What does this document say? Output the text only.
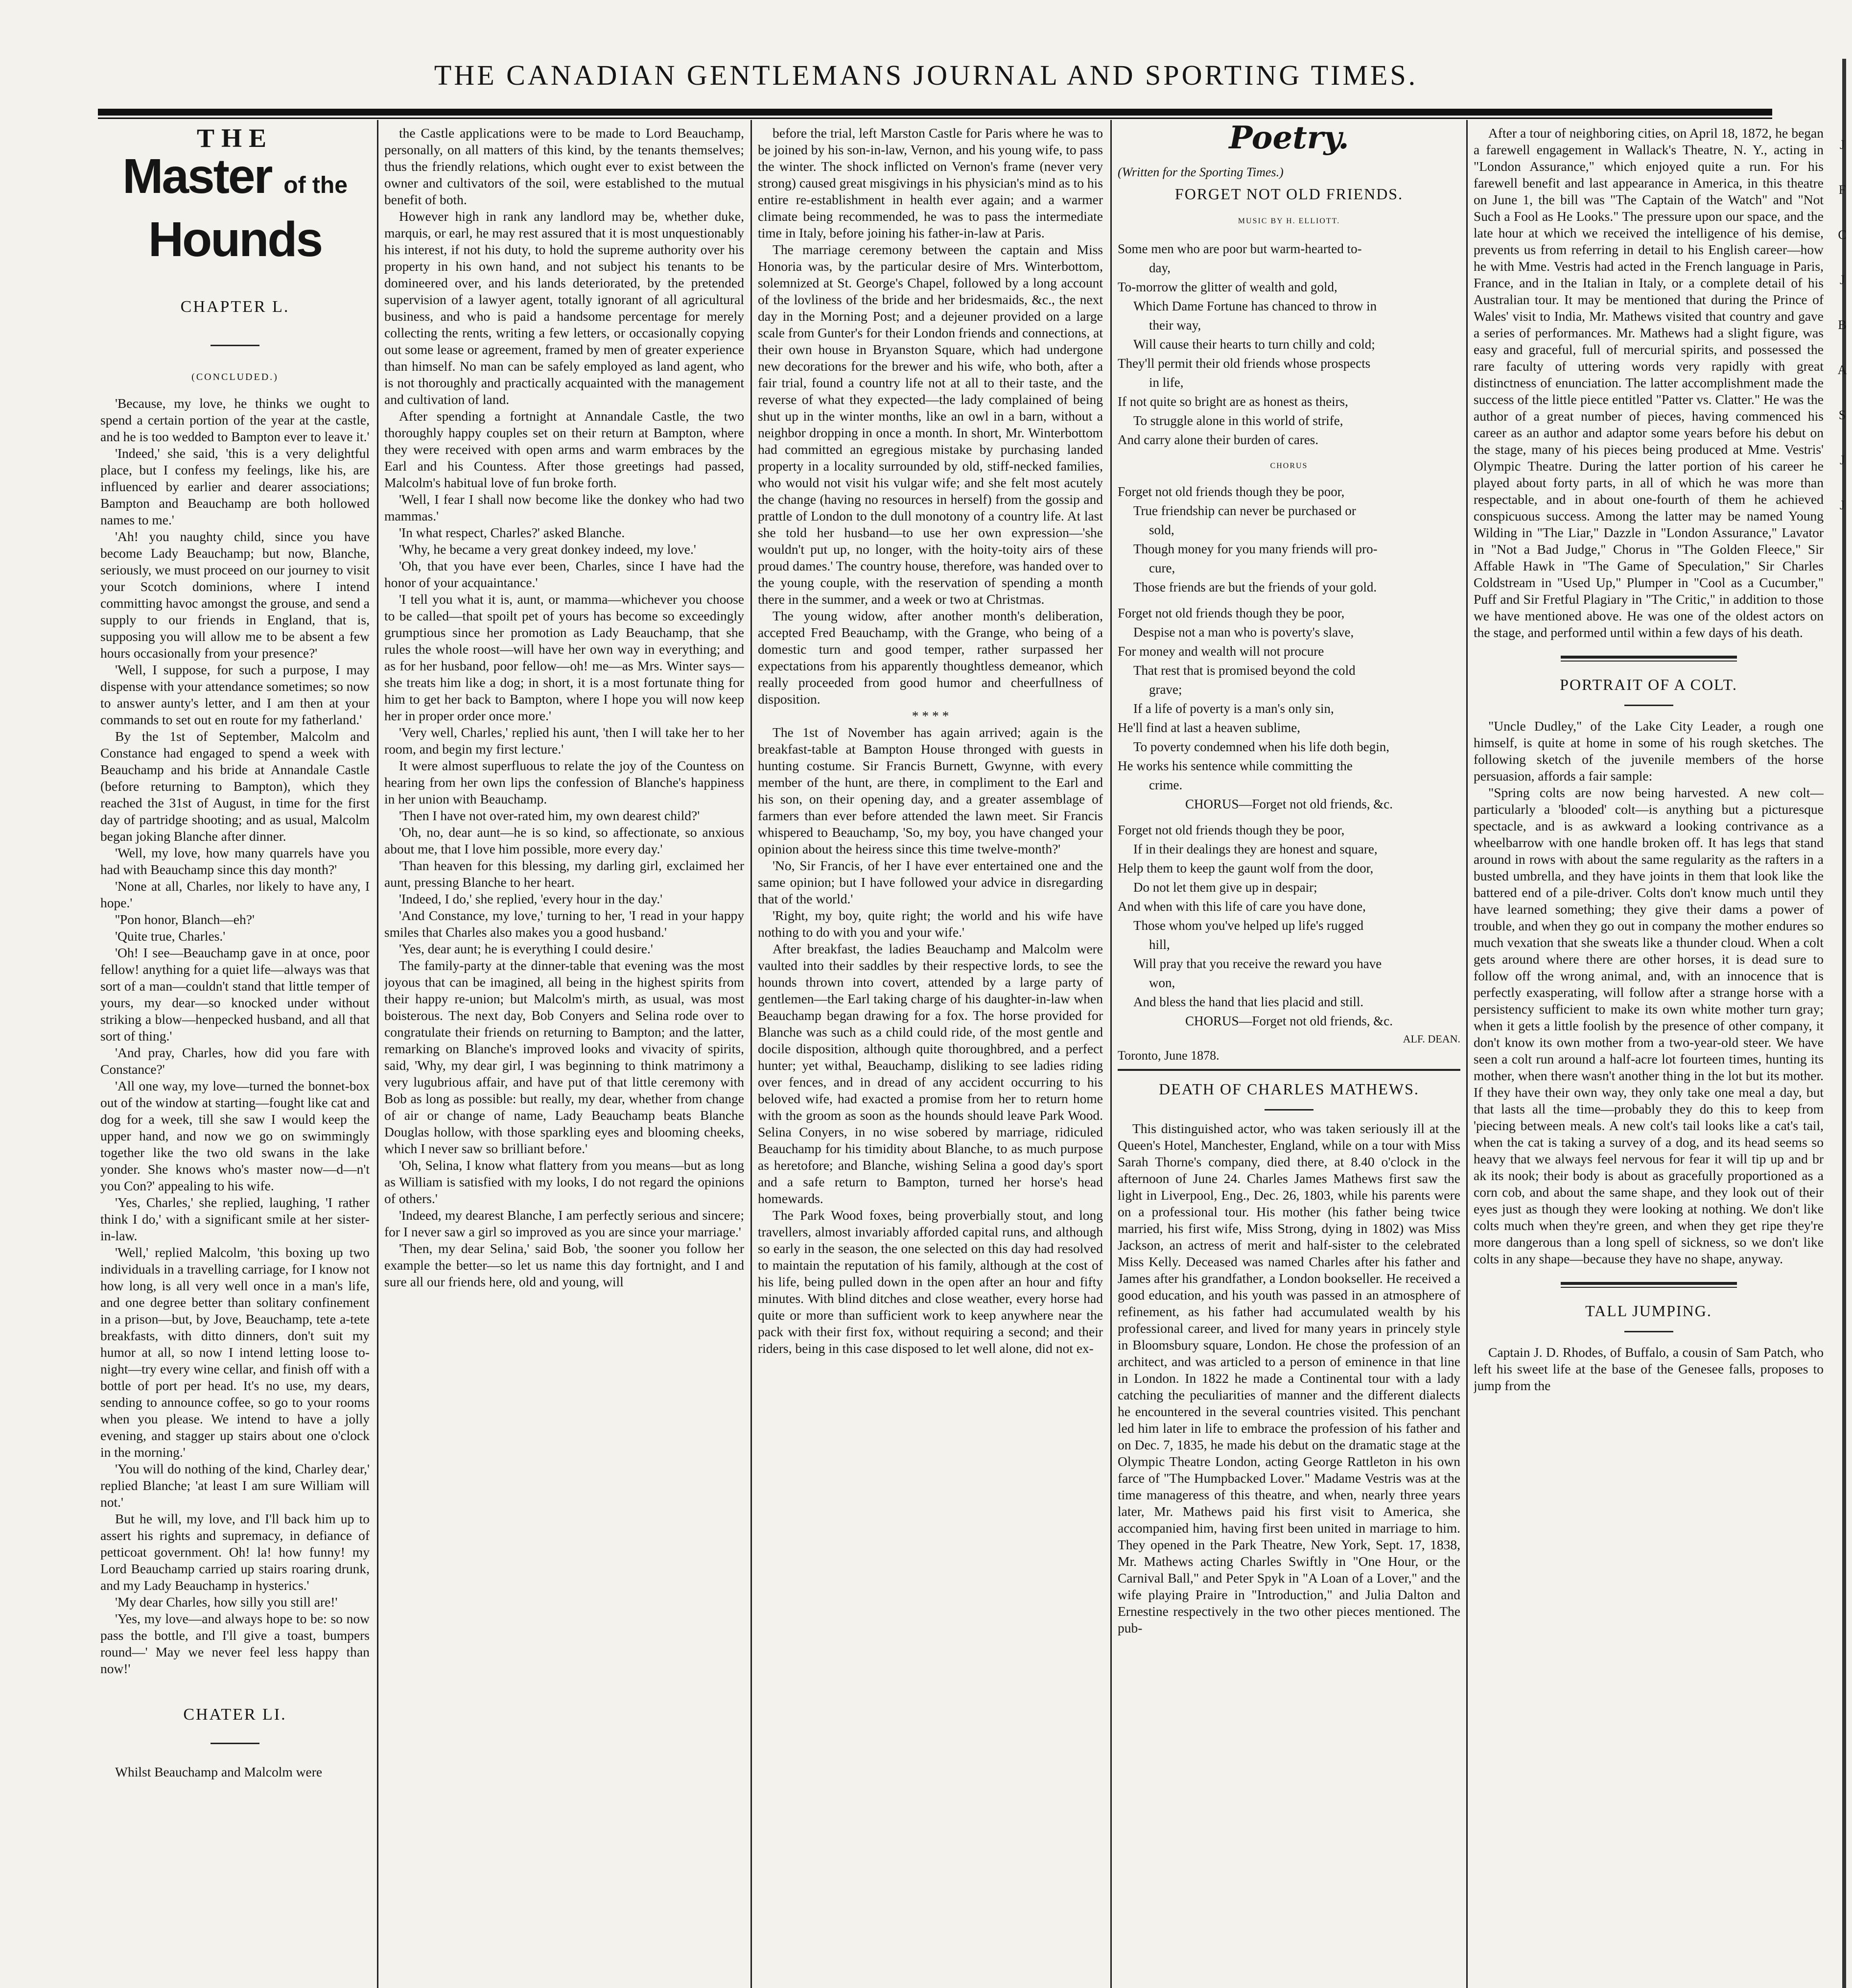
THE CANADIAN GENTLEMANS JOURNAL AND SPORTING TIMES.
THE
Master of the Hounds
CHAPTER L.
(CONCLUDED.)

'Because, my love, he thinks we ought to spend a certain portion of the year at the castle, and he is too wedded to Bampton ever to leave it.'

'Indeed,' she said, 'this is a very delightful place, but I confess my feelings, like his, are influenced by earlier and dearer associations; Bampton and Beauchamp are both hollowed names to me.'

'Ah! you naughty child, since you have become Lady Beauchamp; but now, Blanche, seriously, we must proceed on our journey to visit your Scotch dominions, where I intend committing havoc amongst the grouse, and send a supply to our friends in England, that is, supposing you will allow me to be absent a few hours occasionally from your presence?'

'Well, I suppose, for such a purpose, I may dispense with your attendance sometimes; so now to answer aunty's letter, and I am then at your commands to set out en route for my fatherland.'

By the 1st of September, Malcolm and Constance had engaged to spend a week with Beauchamp and his bride at Annandale Castle (before returning to Bampton), which they reached the 31st of August, in time for the first day of partridge shooting; and as usual, Malcolm began joking Blanche after dinner.

'Well, my love, how many quarrels have you had with Beauchamp since this day month?'

'None at all, Charles, nor likely to have any, I hope.'

''Pon honor, Blanch—eh?'

'Quite true, Charles.'

'Oh! I see—Beauchamp gave in at once, poor fellow! anything for a quiet life—always was that sort of a man—couldn't stand that little temper of yours, my dear—so knocked under without striking a blow—henpecked husband, and all that sort of thing.'

'And pray, Charles, how did you fare with Constance?'

'All one way, my love—turned the bonnet-box out of the window at starting—fought like cat and dog for a week, till she saw I would keep the upper hand, and now we go on swimmingly together like the two old swans in the lake yonder. She knows who's master now—d—n't you Con?' appealing to his wife.

'Yes, Charles,' she replied, laughing, 'I rather think I do,' with a significant smile at her sister-in-law.

'Well,' replied Malcolm, 'this boxing up two individuals in a travelling carriage, for I know not how long, is all very well once in a man's life, and one degree better than solitary confinement in a prison—but, by Jove, Beauchamp, tete a-tete breakfasts, with ditto dinners, don't suit my humor at all, so now I intend letting loose to-night—try every wine cellar, and finish off with a bottle of port per head. It's no use, my dears, sending to announce coffee, so go to your rooms when you please. We intend to have a jolly evening, and stagger up stairs about one o'clock in the morning.'

'You will do nothing of the kind, Charley dear,' replied Blanche; 'at least I am sure William will not.'

But he will, my love, and I'll back him up to assert his rights and supremacy, in defiance of petticoat government. Oh! la! how funny! my Lord Beauchamp carried up stairs roaring drunk, and my Lady Beauchamp in hysterics.'

'My dear Charles, how silly you still are!'

'Yes, my love—and always hope to be: so now pass the bottle, and I'll give a toast, bumpers round—' May we never feel less happy than now!'

CHATER LI.

Whilst Beauchamp and Malcolm were

the Castle applications were to be made to Lord Beauchamp, personally, on all matters of this kind, by the tenants themselves; thus the friendly relations, which ought ever to exist between the owner and cultivators of the soil, were established to the mutual benefit of both.

However high in rank any landlord may be, whether duke, marquis, or earl, he may rest assured that it is most unquestionably his interest, if not his duty, to hold the supreme authority over his property in his own hand, and not subject his tenants to be domineered over, and his lands deteriorated, by the pretended supervision of a lawyer agent, totally ignorant of all agricultural business, and who is paid a handsome percentage for merely collecting the rents, writing a few letters, or occasionally copying out some lease or agreement, framed by men of greater experience than himself. No man can be safely employed as land agent, who is not thoroughly and practically acquainted with the management and cultivation of land.

After spending a fortnight at Annandale Castle, the two thoroughly happy couples set on their return at Bampton, where they were received with open arms and warm embraces by the Earl and his Countess. After those greetings had passed, Malcolm's habitual love of fun broke forth.

'Well, I fear I shall now become like the donkey who had two mammas.'

'In what respect, Charles?' asked Blanche.

'Why, he became a very great donkey indeed, my love.'

'Oh, that you have ever been, Charles, since I have had the honor of your acquaintance.'

'I tell you what it is, aunt, or mamma—whichever you choose to be called—that spoilt pet of yours has become so exceedingly grumptious since her promotion as Lady Beauchamp, that she rules the whole roost—will have her own way in everything; and as for her husband, poor fellow—oh! me—as Mrs. Winter says—she treats him like a dog; in short, it is a most fortunate thing for him to get her back to Bampton, where I hope you will now keep her in proper order once more.'

'Very well, Charles,' replied his aunt, 'then I will take her to her room, and begin my first lecture.'

It were almost superfluous to relate the joy of the Countess on hearing from her own lips the confession of Blanche's happiness in her union with Beauchamp.

'Then I have not over-rated him, my own dearest child?'

'Oh, no, dear aunt—he is so kind, so affectionate, so anxious about me, that I love him possible, more every day.'

'Than heaven for this blessing, my darling girl, exclaimed her aunt, pressing Blanche to her heart.

'Indeed, I do,' she replied, 'every hour in the day.'

'And Constance, my love,' turning to her, 'I read in your happy smiles that Charles also makes you a good husband.'

'Yes, dear aunt; he is everything I could desire.'

The family-party at the dinner-table that evening was the most joyous that can be imagined, all being in the highest spirits from their happy re-union; but Malcolm's mirth, as usual, was most boisterous. The next day, Bob Conyers and Selina rode over to congratulate their friends on returning to Bampton; and the latter, remarking on Blanche's improved looks and vivacity of spirits, said, 'Why, my dear girl, I was beginning to think matrimony a very lugubrious affair, and have put of that little ceremony with Bob as long as possible: but really, my dear, whether from change of air or change of name, Lady Beauchamp beats Blanche Douglas hollow, with those sparkling eyes and blooming cheeks, which I never saw so brilliant before.'

'Oh, Selina, I know what flattery from you means—but as long as William is satisfied with my looks, I do not regard the opinions of others.'

'Indeed, my dearest Blanche, I am perfectly serious and sincere; for I never saw a girl so improved as you are since your marriage.'

'Then, my dear Selina,' said Bob, 'the sooner you follow her example the better—so let us name this day fortnight, and I and sure all our friends here, old and young, will

before the trial, left Marston Castle for Paris where he was to be joined by his son-in-law, Vernon, and his young wife, to pass the winter. The shock inflicted on Vernon's frame (never very strong) caused great misgivings in his physician's mind as to his entire re-establishment in health ever again; and a warmer climate being recommended, he was to pass the intermediate time in Italy, before joining his father-in-law at Paris.

The marriage ceremony between the captain and Miss Honoria was, by the particular desire of Mrs. Winterbottom, solemnized at St. George's Chapel, followed by a long account of the lovliness of the bride and her bridesmaids, &c., the next day in the Morning Post; and a dejeuner provided on a large scale from Gunter's for their London friends and connections, at their own house in Bryanston Square, which had undergone new decorations for the brewer and his wife, who both, after a fair trial, found a country life not at all to their taste, and the reverse of what they expected—the lady complained of being shut up in the winter months, like an owl in a barn, without a neighbor dropping in once a month. In short, Mr. Winterbottom had committed an egregious mistake by purchasing landed property in a locality surrounded by old, stiff-necked families, who would not visit his vulgar wife; and she felt most acutely the change (having no resources in herself) from the gossip and prattle of London to the dull monotony of a country life. At last she told her husband—to use her own expression—'she wouldn't put up, no longer, with the hoity-toity airs of these proud dames.' The country house, therefore, was handed over to the young couple, with the reservation of spending a month there in the summer, and a week or two at Christmas.

The young widow, after another month's deliberation, accepted Fred Beauchamp, with the Grange, who being of a domestic turn and good temper, rather surpassed her expectations from his apparently thoughtless demeanor, which really proceeded from good humor and cheerfullness of disposition.

* * * *

The 1st of November has again arrived; again is the breakfast-table at Bampton House thronged with guests in hunting costume. Sir Francis Burnett, Gwynne, with every member of the hunt, are there, in compliment to the Earl and his son, on their opening day, and a greater assemblage of farmers than ever before attended the lawn meet. Sir Francis whispered to Beauchamp, 'So, my boy, you have changed your opinion about the heiress since this time twelve-month?'

'No, Sir Francis, of her I have ever entertained one and the same opinion; but I have followed your advice in disregarding that of the world.'

'Right, my boy, quite right; the world and his wife have nothing to do with you and your wife.'

After breakfast, the ladies Beauchamp and Malcolm were vaulted into their saddles by their respective lords, to see the hounds thrown into covert, attended by a large party of gentlemen—the Earl taking charge of his daughter-in-law when Beauchamp began drawing for a fox. The horse provided for Blanche was such as a child could ride, of the most gentle and docile disposition, although quite thoroughbred, and a perfect hunter; yet withal, Beauchamp, disliking to see ladies riding over fences, and in dread of any accident occurring to his beloved wife, had exacted a promise from her to return home with the groom as soon as the hounds should leave Park Wood. Selina Conyers, in no wise sobered by marriage, ridiculed Beauchamp for his timidity about Blanche, to as much purpose as heretofore; and Blanche, wishing Selina a good day's sport and a safe return to Bampton, turned her horse's head homewards.

The Park Wood foxes, being proverbially stout, and long travellers, almost invariably afforded capital runs, and although so early in the season, the one selected on this day had resolved to maintain the reputation of his family, although at the cost of his life, being pulled down in the open after an hour and fifty minutes. With blind ditches and close weather, every horse had quite or more than sufficient work to keep anywhere near the pack with their first fox, without requiring a second; and their riders, being in this case disposed to let well alone, did not ex-

Poetry.
(Written for the Sporting Times.)
FORGET NOT OLD FRIENDS.
MUSIC BY H. ELLIOTT.
Some men who are poor but warm-hearted to-
day,
To-morrow the glitter of wealth and gold,
Which Dame Fortune has chanced to throw in
their way,
Will cause their hearts to turn chilly and cold;
They'll permit their old friends whose prospects
in life,
If not quite so bright are as honest as theirs,
To struggle alone in this world of strife,
And carry alone their burden of cares.
CHORUS
Forget not old friends though they be poor,
True friendship can never be purchased or
sold,
Though money for you many friends will pro-
cure,
Those friends are but the friends of your gold.
Forget not old friends though they be poor,
Despise not a man who is poverty's slave,
For money and wealth will not procure
That rest that is promised beyond the cold
grave;
If a life of poverty is a man's only sin,
He'll find at last a heaven sublime,
To poverty condemned when his life doth begin,
He works his sentence while committing the
crime.
CHORUS—Forget not old friends, &c.
Forget not old friends though they be poor,
If in their dealings they are honest and square,
Help them to keep the gaunt wolf from the door,
Do not let them give up in despair;
And when with this life of care you have done,
Those whom you've helped up life's rugged
hill,
Will pray that you receive the reward you have
won,
And bless the hand that lies placid and still.
CHORUS—Forget not old friends, &c.
ALF. DEAN.
Toronto, June 1878.
DEATH OF CHARLES MATHEWS.

This distinguished actor, who was taken seriously ill at the Queen's Hotel, Manchester, England, while on a tour with Miss Sarah Thorne's company, died there, at 8.40 o'clock in the afternoon of June 24. Charles James Mathews first saw the light in Liverpool, Eng., Dec. 26, 1803, while his parents were on a professional tour. His mother (his father being twice married, his first wife, Miss Strong, dying in 1802) was Miss Jackson, an actress of merit and half-sister to the celebrated Miss Kelly. Deceased was named Charles after his father and James after his grandfather, a London bookseller. He received a good education, and his youth was passed in an atmosphere of refinement, as his father had accumulated wealth by his professional career, and lived for many years in princely style in Bloomsbury square, London. He chose the profession of an architect, and was articled to a person of eminence in that line in London. In 1822 he made a Continental tour with a lady catching the peculiarities of manner and the different dialects he encountered in the several countries visited. This penchant led him later in life to embrace the profession of his father and on Dec. 7, 1835, he made his debut on the dramatic stage at the Olympic Theatre London, acting George Rattleton in his own farce of "The Humpbacked Lover." Madame Vestris was at the time manageress of this theatre, and when, nearly three years later, Mr. Mathews paid his first visit to America, she accompanied him, having first been united in marriage to him. They opened in the Park Theatre, New York, Sept. 17, 1838, Mr. Mathews acting Charles Swiftly in "One Hour, or the Carnival Ball," and Peter Spyk in "A Loan of a Lover," and the wife playing Praire in "Introduction," and Julia Dalton and Ernestine respectively in the two other pieces mentioned. The pub-

After a tour of neighboring cities, on April 18, 1872, he began a farewell engagement in Wallack's Theatre, N. Y., acting in "London Assurance," which enjoyed quite a run. For his farewell benefit and last appearance in America, in this theatre on June 1, the bill was "The Captain of the Watch" and "Not Such a Fool as He Looks." The pressure upon our space, and the late hour at which we received the intelligence of his demise, prevents us from referring in detail to his English career—how he with Mme. Vestris had acted in the French language in Paris, France, and in the Italian in Italy, or a complete detail of his Australian tour. It may be mentioned that during the Prince of Wales' visit to India, Mr. Mathews visited that country and gave a series of performances. Mr. Mathews had a slight figure, was easy and graceful, full of mercurial spirits, and possessed the rare faculty of uttering words very rapidly with great distinctness of enunciation. The latter accomplishment made the success of the little piece entitled "Patter vs. Clatter." He was the author of a great number of pieces, having commenced his career as an author and adaptor some years before his debut on the stage, many of his pieces being produced at Mme. Vestris' Olympic Theatre. During the latter portion of his career he played about forty parts, in all of which he was more than respectable, and in about one-fourth of them he achieved conspicuous success. Among the latter may be named Young Wilding in "The Liar," Dazzle in "London Assurance," Lavator in "Not a Bad Judge," Chorus in "The Golden Fleece," Sir Affable Hawk in "The Game of Speculation," Sir Charles Coldstream in "Used Up," Plumper in "Cool as a Cucumber," Puff and Sir Fretful Plagiary in "The Critic," in addition to those we have mentioned above. He was one of the oldest actors on the stage, and performed until within a few days of his death.

PORTRAIT OF A COLT.

"Uncle Dudley," of the Lake City Leader, a rough one himself, is quite at home in some of his rough sketches. The following sketch of the juvenile members of the horse persuasion, affords a fair sample:

"Spring colts are now being harvested. A new colt—particularly a 'blooded' colt—is anything but a picturesque spectacle, and is as awkward a looking contrivance as a wheelbarrow with one handle broken off. It has legs that stand around in rows with about the same regularity as the rafters in a busted umbrella, and they have joints in them that look like the battered end of a pile-driver. Colts don't know much until they have learned something; they give their dams a power of trouble, and when they go out in company the mother endures so much vexation that she sweats like a thunder cloud. When a colt gets around where there are other horses, it is dead sure to follow off the wrong animal, and, with an innocence that is perfectly exasperating, will follow after a strange horse with a persistency sufficient to make its own white mother turn gray; when it gets a little foolish by the presence of other company, it don't know its own mother from a two-year-old steer. We have seen a colt run around a half-acre lot fourteen times, hunting its mother, when there wasn't another thing in the lot but its mother. If they have their own way, they only take one meal a day, but that lasts all the time—probably they do this to keep from 'piecing between meals. A new colt's tail looks like a cat's tail, when the cat is taking a survey of a dog, and its head seems so heavy that we always feel nervous for fear it will tip up and br ak its nook; their body is about as gracefully proportioned as a corn cob, and about the same shape, and they look out of their eyes just as though they were looking at nothing. We don't like colts much when they're green, and when they get ripe they're more dangerous than a long spell of sickness, so we don't like colts in any shape—because they have no shape, anyway.

TALL JUMPING.

Captain J. D. Rhodes, of Buffalo, a cousin of Sam Patch, who left his sweet life at the base of the Genesee falls, proposes to jump from the

J
F
C
J
B
A
S
J
J
